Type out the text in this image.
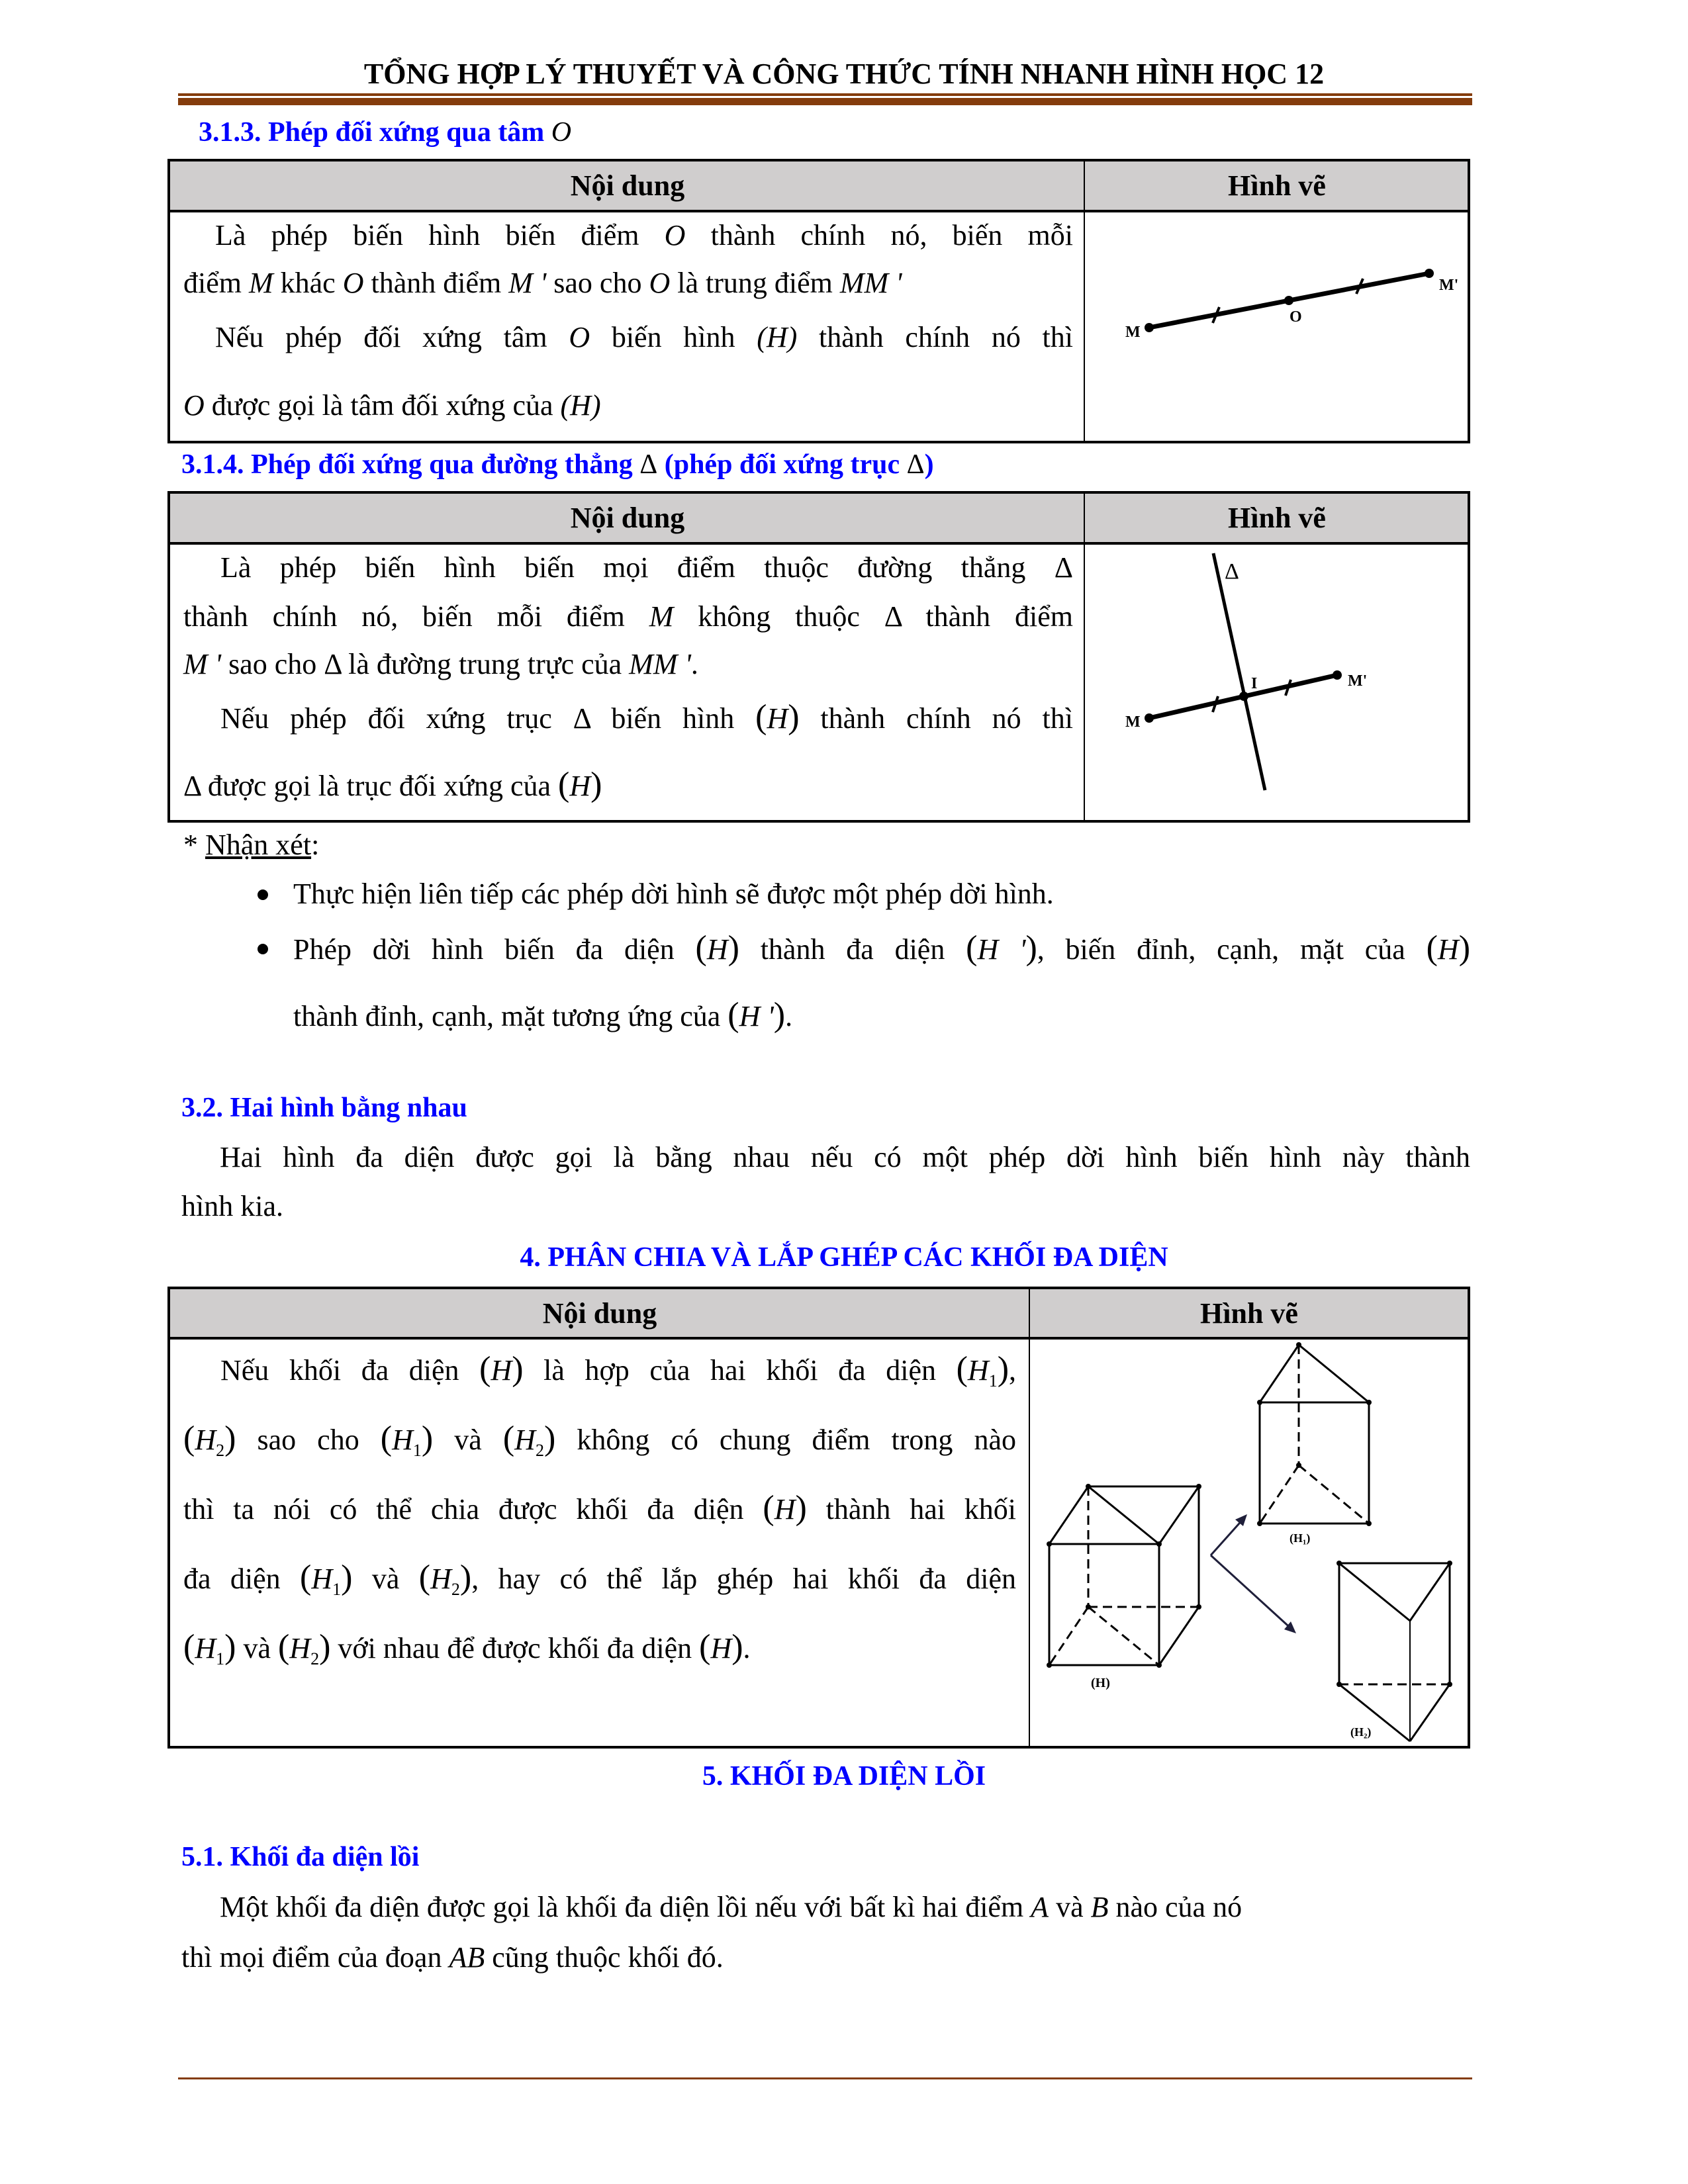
TỔNG HỢP LÝ THUYẾT VÀ CÔNG THỨC TÍNH NHANH HÌNH HỌC 12
3.1.3. Phép đối xứng qua tâm O
Nội dung	Hình vẽ
Là phép biến hình biến điểm O thành chính nó, biến mỗi
điểm M khác O thành điểm M ' sao cho O là trung điểm MM '
Nếu phép đối xứng tâm O biến hình (H) thành chính nó thì
O được gọi là tâm đối xứng của (H)
M
O
M'
3.1.4. Phép đối xứng qua đường thẳng Δ (phép đối xứng trục Δ)
Nội dung	Hình vẽ
Là phép biến hình biến mọi điểm thuộc đường thẳng Δ
thành chính nó, biến mỗi điểm M không thuộc Δ thành điểm
M ' sao cho Δ là đường trung trực của MM '.
Nếu phép đối xứng trục Δ biến hình (H) thành chính nó thì
Δ được gọi là trục đối xứng của (H)
Δ
I
M
M'
* Nhận xét:
Thực hiện liên tiếp các phép dời hình sẽ được một phép dời hình.
Phép dời hình biến đa diện (H) thành đa diện (H '), biến đỉnh, cạnh, mặt của (H)
thành đỉnh, cạnh, mặt tương ứng của (H ').
3.2. Hai hình bằng nhau
Hai hình đa diện được gọi là bằng nhau nếu có một phép dời hình biến hình này thành
hình kia.
4. PHÂN CHIA VÀ LẮP GHÉP CÁC KHỐI ĐA DIỆN
Nội dung	Hình vẽ
Nếu khối đa diện (H) là hợp của hai khối đa diện $(H_1)$,
$(H_2)$ sao cho $(H_1)$ và $(H_2)$ không có chung điểm trong nào
thì ta nói có thể chia được khối đa diện (H) thành hai khối
đa diện $(H_1)$ và $(H_2)$, hay có thể lắp ghép hai khối đa diện
$(H_1)$ và $(H_2)$ với nhau để được khối đa diện (H).
(H)
(H₁)
(H₂)
5. KHỐI ĐA DIỆN LỒI
5.1. Khối đa diện lồi
Một khối đa diện được gọi là khối đa diện lồi nếu với bất kì hai điểm A và B nào của nó
thì mọi điểm của đoạn AB cũng thuộc khối đó.
